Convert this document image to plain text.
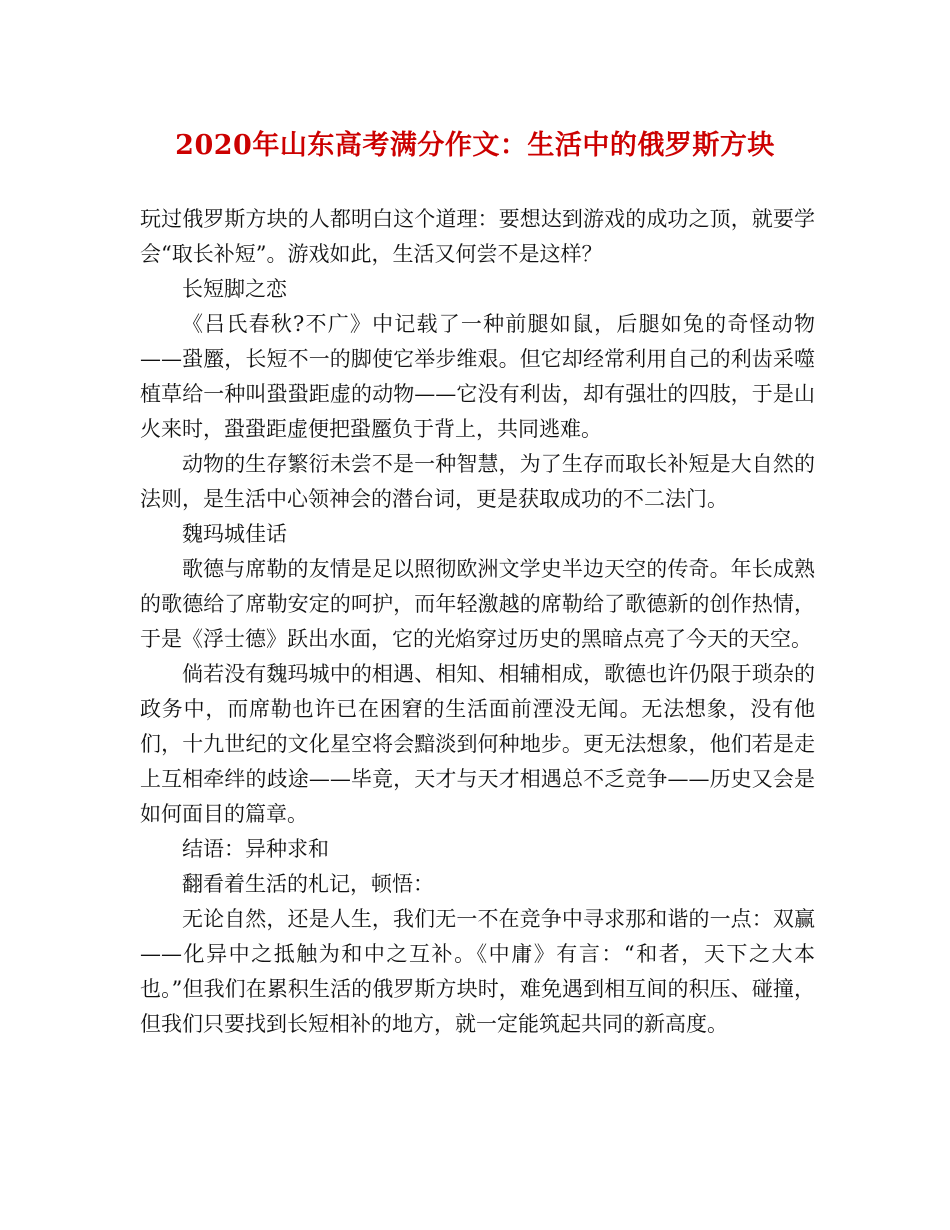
2020年山东高考满分作文：生活中的俄罗斯方块

玩过俄罗斯方块的人都明白这个道理：要想达到游戏的成功之顶，就要学会“取长补短”。游戏如此，生活又何尝不是这样？

长短脚之恋

《吕氏春秋?不广》中记载了一种前腿如鼠，后腿如兔的奇怪动物——蛩蟨，长短不一的脚使它举步维艰。但它却经常利用自己的利齿采噬植草给一种叫蛩蛩距虚的动物——它没有利齿，却有强壮的四肢，于是山火来时，蛩蛩距虚便把蛩蟨负于背上，共同逃难。

动物的生存繁衍未尝不是一种智慧，为了生存而取长补短是大自然的法则，是生活中心领神会的潜台词，更是获取成功的不二法门。

魏玛城佳话

歌德与席勒的友情是足以照彻欧洲文学史半边天空的传奇。年长成熟的歌德给了席勒安定的呵护，而年轻激越的席勒给了歌德新的创作热情，于是《浮士德》跃出水面，它的光焰穿过历史的黑暗点亮了今天的天空。

倘若没有魏玛城中的相遇、相知、相辅相成，歌德也许仍限于琐杂的政务中，而席勒也许已在困窘的生活面前湮没无闻。无法想象，没有他们，十九世纪的文化星空将会黯淡到何种地步。更无法想象，他们若是走上互相牵绊的歧途——毕竟，天才与天才相遇总不乏竞争——历史又会是如何面目的篇章。

结语：异种求和

翻看着生活的札记，顿悟：

无论自然，还是人生，我们无一不在竞争中寻求那和谐的一点：双赢——化异中之抵触为和中之互补。《中庸》有言：“和者，天下之大本也。”但我们在累积生活的俄罗斯方块时，难免遇到相互间的积压、碰撞，但我们只要找到长短相补的地方，就一定能筑起共同的新高度。
